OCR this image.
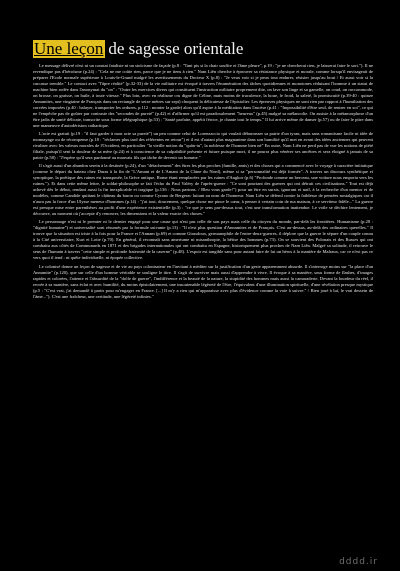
Une leçon de sagesse orientale

Le message délivré n'est ni un constat fataliste ni un stoïcisme de façade (p.8 : "Tant pis si la chair souffre et l'âme pleure", p.19 : "je ne chercherai rien, je laisserai faire le sort."). Il ne revendique pas d'héroïsme (p.24) : "Cela ne me coûte rien, parce que je ne tiens à rien." Nam Liên cherche à éprouver sa résistance physique et morale, comme lorsqu'il envisageait de préparer l'Ecole normale supérieure à Louis-le-Grand malgré les avertissements du Docteur X (p.8) : "Je veux voir si je peux tout endurer, résister jusqu'au bout / Et aussi voir si la carcasse tremble." Le contact avec "l'âpre réalité" (p.32-33) de la vie militaire est évoqué à travers l'énumération des tâches quotidiennes et monotones réduisant l'homme à un statut de machine bien rodée dans l'anonymat du "on" : "Outre les exercices divers qui constituent l'instruction militaire proprement dite, on lave son linge et sa gamelle, on coud, on raccommode, on brosse, on graisse, on huile, à toute vitesse." Plus loin, avec en réalisme cru digne de Céline, mais moins de truculence, la boue, le froid, la saleté, la promiscuité (p.39-40 : quinze Annamites, une vingtaine de Français dans un rectangle de seize mètres sur sept) choquent la délicatesse de l'épistolier. Les épreuves physiques ne sont rien par rapport à l'humiliation des corvées imposées (p.40 : balayer, transporter les ordures, p.112 : monter la garde) alors qu'il aspire à la méditation dans l'ascèse (p.41 : "Impossibilité d'être seul, de rentrer en soi", ce qui ne l'empêche pas de goûter par contraste des "secondes de pureté" (p.42) et d'affirmer qu'il est paradoxalement "heureux" (p.45) malgré sa mélancolie. On assiste à la métamorphose d'un être jadis de santé délicate, transcrite sous forme télégraphique (p.53) : "Santé parfaite, appétit féroce, je chante tout le temps." Il lui arrive même de danser (p.57) ou de faire le pitre dans une manœuvre d'autodérision cathartique.

L'acte est gratuit (p.19 : "il faut garder à mon acte sa pureté") un peu comme celui de Lorenzaccio qui voulait débarrasser sa patrie d'un tyran, mais sans romantisme facile ni idée de monnayage ou de récompense (p.18 : "réclamer plus tard des référentes en retour") et il est d'autant plus magnanime dans son humilité qu'il met en avant des idées anciennes qui peuvent rivaliser avec les valeurs morales de l'Occident, en particulier "la vieille notion du "quân-tu", la noblesse de l'homme bien né" En outre, Nam Liên ne perd pas de vue les notions de piété filiale, puisqu'il sent la douleur de sa mère (p.24) et à conscience de sa culpabilité présente et future puisque mort, il ne pourra plus vénérer ses ancêtres et sera éloigné à jamais de sa patrie (p.58) : "J'espère qu'il sera pardonné au mauvais fils qui tâche de devenir un homme."

Il s'agit aussi d'un abandon serein à la destinée (p.24), d'un "détachement" des êtres les plus proches (famille, amis) et des choses qui a commencé avec le voyage à caractère initiatique (comme le départ du bateau chez Duras à la fin de "L'Amant et de L'Amant de la Chine du Nord), même si sa "personnalité est déjà formée". A travers un discours synthétique et synoptique, la poétique des ruines est transposée, la Grèce antique, Rome étant remplacées par les ruines d'Angkor (p.6) "Profonde comme un berceau, une voiture nous emporta vers les ruines."). Et dans cette même lettre, le soldat-philosophe se fait l'écho du Paul Valéry de l'après-guerre : "Ce sont pourtant des guerres qui ont détruit ces civilisations." Tout est déjà achevé dès le début, rendant aussi la fin inexplicable et tragique (p.136 : Nous partons. / Bleu vous garde!") pour un être en sursis, ignorant et naïf, à la recherche d'un mentor et de modèles, comme Candide quittant le château du baron ou comme Cyrano de Bergerac luttant au nom de l'honneur. Nam Liên se défend contre la faiblesse de pensées nostalgiques car il n'aura pas la force d'un Ulysse meneur d'hommes (p.14) : "j'ai tout, doucement, quelque chose me pince le cœur, à penser à certain coin de ma maison, à ce serviteur fidèle..." La guerre est presque mise entre parenthèses au profit d'une expérience existentielle (p.3) : "ce que je sens par-dessus tout, c'est une transformation inattendue. Le voile se déchire lentement, je découvre, au moment où j'accepte d'y renoncer, les dimensions et la valeur exacte des choses."

Le personnage n'est ni le premier ni le dernier engagé pour une cause qui n'est pas celle de son pays mais celle du citoyen du monde, par-delà les frontières. Humanisme (p.28 : "dignité humaine") et universalité sont résumés par la formule suivante (p.13) : "Il n'est plus question d'Annamites et de Français. C'est au-dessus, au-delà des ordinaires querelles." Il trouve que la situation est triste à la fois pour la France et l'Annam (p.69) et comme Girasdoux, germanophile de l'entre-deux-guerres, il déplore que la guerre le sépare d'un couple connu à la Cité universitaire, Kurt et Lotte (p.70). En général, il reconnaît sans amertume ni misanthropie, la bêtise des hommes (p.73). On se souvient des Polonais et des Russes qui ont combattu aux côtés de Communards en 1871 et des brigades internationales qui ont combattu en Espagne, historiquement plus proches de Nam Liên. Malgré sa solitude, il retrouve le sens de l'humain à travers "cette simple et profonde fraternité de la caserne" (p.48). L'espoir est tangible sans pour autant faire de lui un héros à la manière de Malraux, car ce n'est pas ce vers quoi il tend : ni quête individuelle, ni épopée collective.

Le colonisé donne un leçon de sagesse et de vie au pays colonisateur en l'invitant à méditer sur la justification d'un geste apparemment absurde. Il s'interroge moins sur "la place d'un Annamite" (p.120), que sur celle d'un homme véritable se souligne le titre. Il s'agit de survivre mais aussi d'apprendre à vivre. Il évoque à sa manière, sous forme de flashes, d'images rapides et colorées, l'attente et l'absurdité de la "drôle de guerre", l'indifférence et la beauté de la nature, la stupidité des hommes mais aussi la camaraderie. Devant la lourdeur du réel, il recrée à sa manière, sans éclat et avec humilité, du moins épistolairement, une insoutenable légèreté de l'être, l'équivalent d'une illumination spirituelle, d'une révélation presque mystique (p.5 : "C'est vrai, j'ai demandé à partir pour m'engager en France. [...] Il m'y a rien qui m'apparaisse avec plus d'évidence comme la voie à suivre." / Bien joué à lui, le vrai dessein de l'âme..."). C'est une fraîcheur, une certitude, une légèreté infinies."

dddd.ir
